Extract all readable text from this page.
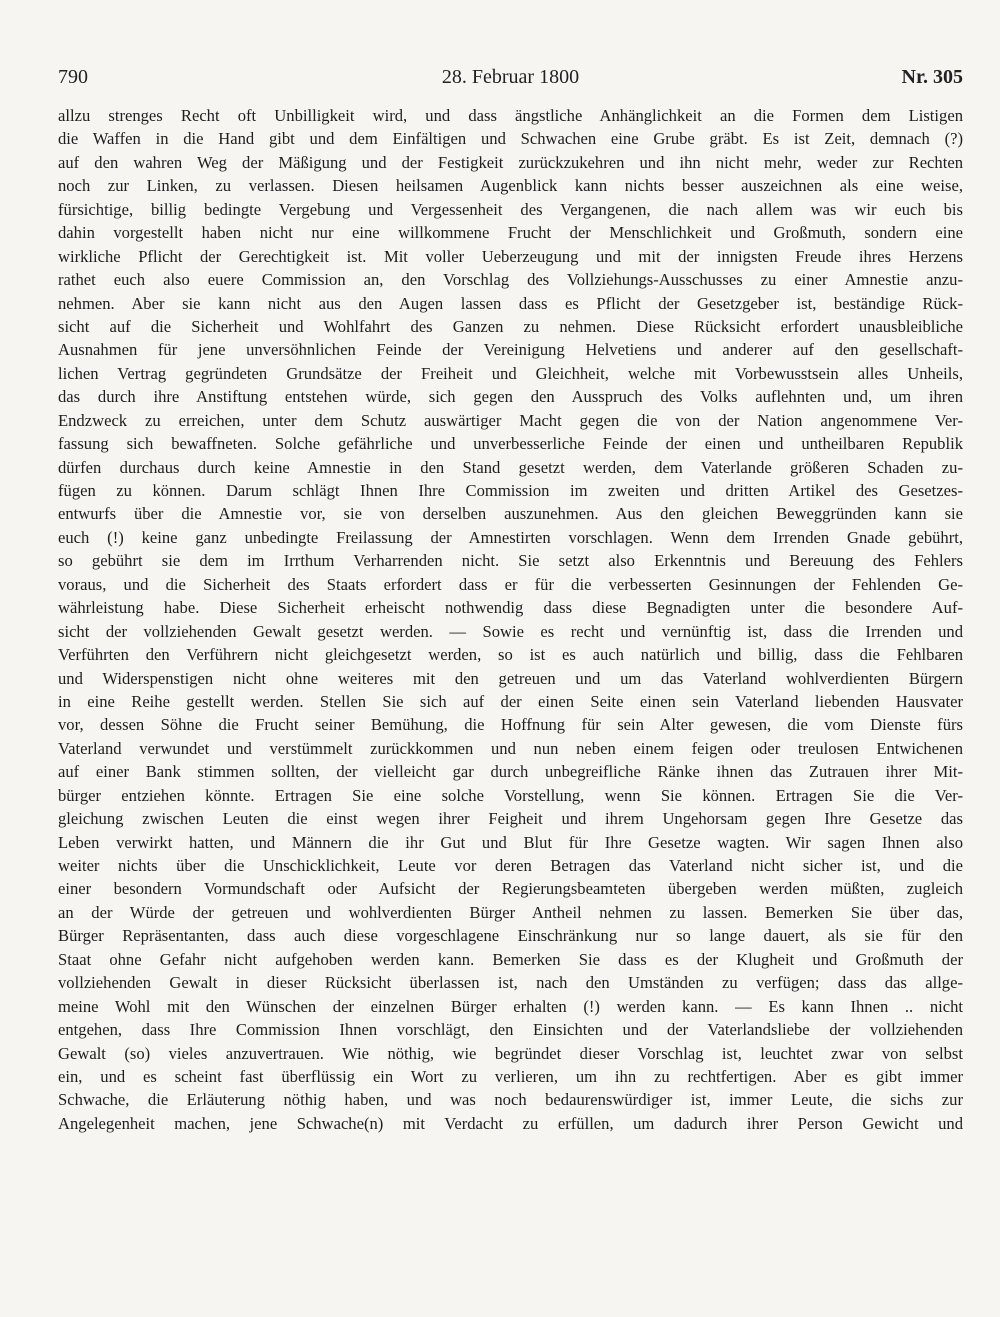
790	28. Februar 1800	Nr. 305
allzu strenges Recht oft Unbilligkeit wird, und dass ängstliche Anhänglichkeit an die Formen dem Listigen
die Waffen in die Hand gibt und dem Einfältigen und Schwachen eine Grube gräbt. Es ist Zeit, demnach (?)
auf den wahren Weg der Mäßigung und der Festigkeit zurückzukehren und ihn nicht mehr, weder zur Rechten
noch zur Linken, zu verlassen. Diesen heilsamen Augenblick kann nichts besser auszeichnen als eine weise,
fürsichtige, billig bedingte Vergebung und Vergessenheit des Vergangenen, die nach allem was wir euch bis
dahin vorgestellt haben nicht nur eine willkommene Frucht der Menschlichkeit und Großmuth, sondern eine
wirkliche Pflicht der Gerechtigkeit ist. Mit voller Ueberzeugung und mit der innigsten Freude ihres Herzens
rathet euch also euere Commission an, den Vorschlag des Vollziehungs-Ausschusses zu einer Amnestie anzu-
nehmen. Aber sie kann nicht aus den Augen lassen dass es Pflicht der Gesetzgeber ist, beständige Rück-
sicht auf die Sicherheit und Wohlfahrt des Ganzen zu nehmen. Diese Rücksicht erfordert unausbleibliche
Ausnahmen für jene unversöhnlichen Feinde der Vereinigung Helvetiens und anderer auf den gesellschaft-
lichen Vertrag gegründeten Grundsätze der Freiheit und Gleichheit, welche mit Vorbewusstsein alles Unheils,
das durch ihre Anstiftung entstehen würde, sich gegen den Ausspruch des Volks auflehnten und, um ihren
Endzweck zu erreichen, unter dem Schutz auswärtiger Macht gegen die von der Nation angenommene Ver-
fassung sich bewaffneten. Solche gefährliche und unverbesserliche Feinde der einen und untheilbaren Republik
dürfen durchaus durch keine Amnestie in den Stand gesetzt werden, dem Vaterlande größeren Schaden zu-
fügen zu können. Darum schlägt Ihnen Ihre Commission im zweiten und dritten Artikel des Gesetzes-
entwurfs über die Amnestie vor, sie von derselben auszunehmen. Aus den gleichen Beweggründen kann sie
euch (!) keine ganz unbedingte Freilassung der Amnestirten vorschlagen. Wenn dem Irrenden Gnade gebührt,
so gebührt sie dem im Irrthum Verharrenden nicht. Sie setzt also Erkenntnis und Bereuung des Fehlers
voraus, und die Sicherheit des Staats erfordert dass er für die verbesserten Gesinnungen der Fehlenden Ge-
währleistung habe. Diese Sicherheit erheischt nothwendig dass diese Begnadigten unter die besondere Auf-
sicht der vollziehenden Gewalt gesetzt werden. — Sowie es recht und vernünftig ist, dass die Irrenden und
Verführten den Verführern nicht gleichgesetzt werden, so ist es auch natürlich und billig, dass die Fehlbaren
und Widerspenstigen nicht ohne weiteres mit den getreuen und um das Vaterland wohlverdienten Bürgern
in eine Reihe gestellt werden. Stellen Sie sich auf der einen Seite einen sein Vaterland liebenden Hausvater
vor, dessen Söhne die Frucht seiner Bemühung, die Hoffnung für sein Alter gewesen, die vom Dienste fürs
Vaterland verwundet und verstümmelt zurückkommen und nun neben einem feigen oder treulosen Entwichenen
auf einer Bank stimmen sollten, der vielleicht gar durch unbegreifliche Ränke ihnen das Zutrauen ihrer Mit-
bürger entziehen könnte. Ertragen Sie eine solche Vorstellung, wenn Sie können. Ertragen Sie die Ver-
gleichung zwischen Leuten die einst wegen ihrer Feigheit und ihrem Ungehorsam gegen Ihre Gesetze das
Leben verwirkt hatten, und Männern die ihr Gut und Blut für Ihre Gesetze wagten. Wir sagen Ihnen also
weiter nichts über die Unschicklichkeit, Leute vor deren Betragen das Vaterland nicht sicher ist, und die
einer besondern Vormundschaft oder Aufsicht der Regierungsbeamteten übergeben werden müßten, zugleich
an der Würde der getreuen und wohlverdienten Bürger Antheil nehmen zu lassen. Bemerken Sie über das,
Bürger Repräsentanten, dass auch diese vorgeschlagene Einschränkung nur so lange dauert, als sie für den
Staat ohne Gefahr nicht aufgehoben werden kann. Bemerken Sie dass es der Klugheit und Großmuth der
vollziehenden Gewalt in dieser Rücksicht überlassen ist, nach den Umständen zu verfügen; dass das allge-
meine Wohl mit den Wünschen der einzelnen Bürger erhalten (!) werden kann. — Es kann Ihnen .. nicht
entgehen, dass Ihre Commission Ihnen vorschlägt, den Einsichten und der Vaterlandsliebe der vollziehenden
Gewalt (so) vieles anzuvertrauen. Wie nöthig, wie begründet dieser Vorschlag ist, leuchtet zwar von selbst
ein, und es scheint fast überflüssig ein Wort zu verlieren, um ihn zu rechtfertigen. Aber es gibt immer
Schwache, die Erläuterung nöthig haben, und was noch bedaurenswürdiger ist, immer Leute, die sichs zur
Angelegenheit machen, jene Schwache(n) mit Verdacht zu erfüllen, um dadurch ihrer Person Gewicht und
